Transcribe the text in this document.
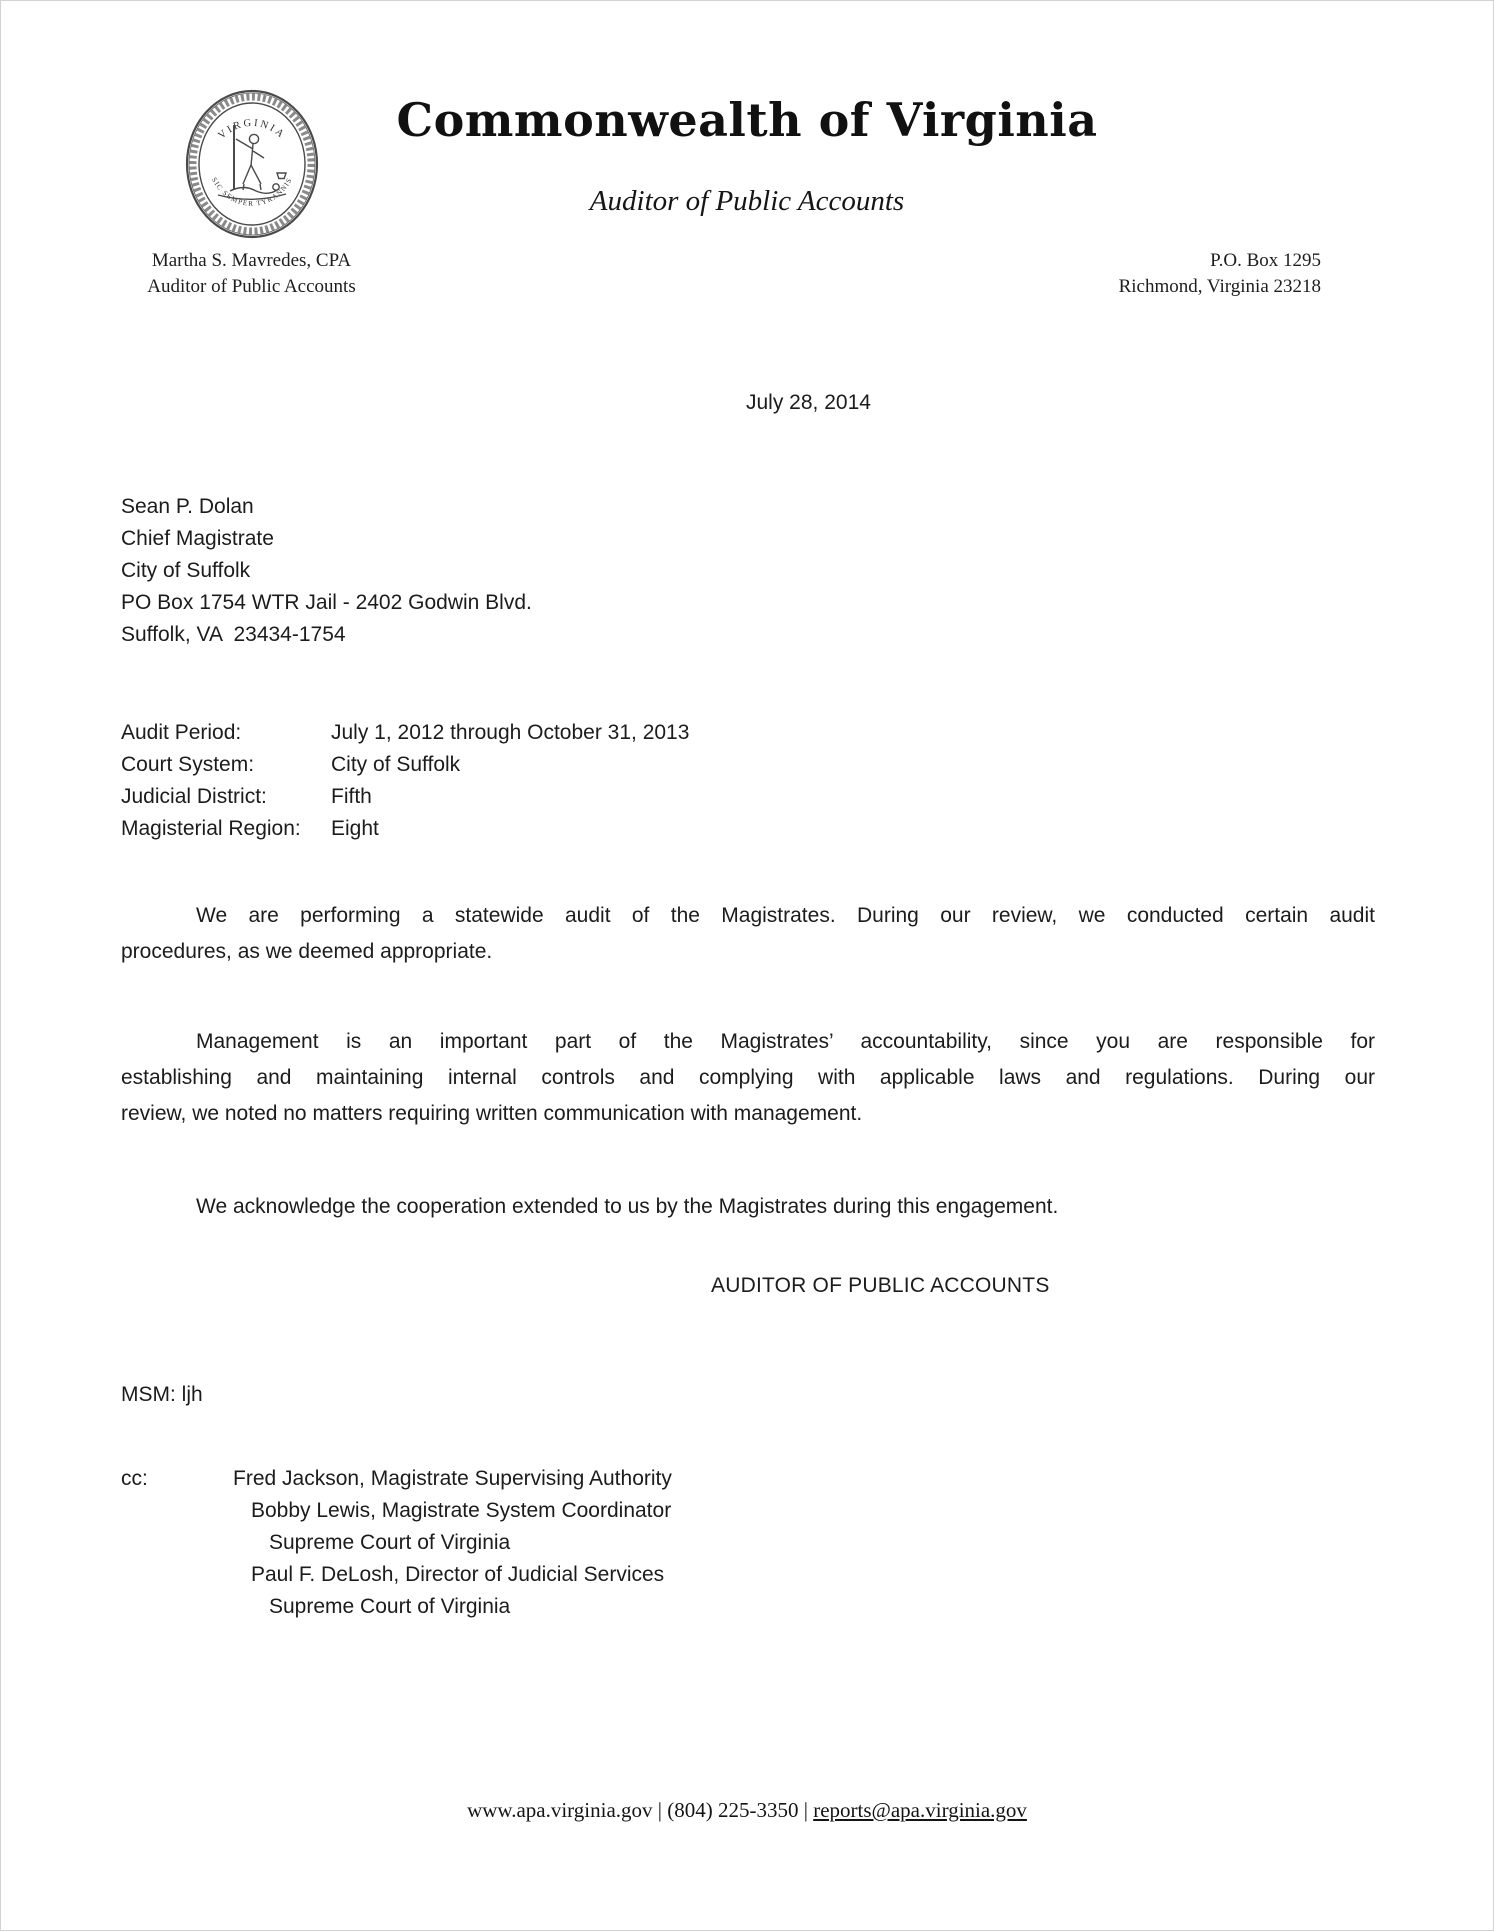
VIRGINIA
SIC SEMPER TYRANNIS
Commonwealth of Virginia
Auditor of Public Accounts
Martha S. Mavredes, CPA
Auditor of Public Accounts
P.O. Box 1295
Richmond, Virginia 23218
July 28, 2014
Sean P. Dolan
Chief Magistrate
City of Suffolk
PO Box 1754 WTR Jail - 2402 Godwin Blvd.
Suffolk, VA  23434-1754
Audit Period:	July 1, 2012 through October 31, 2013
Court System:	City of Suffolk
Judicial District:	Fifth
Magisterial Region:	Eight
We are performing a statewide audit of the Magistrates. During our review, we conducted certain audit
procedures, as we deemed appropriate.
Management is an important part of the Magistrates’ accountability, since you are responsible for
establishing and maintaining internal controls and complying with applicable laws and regulations. During our
review, we noted no matters requiring written communication with management.
We acknowledge the cooperation extended to us by the Magistrates during this engagement.
AUDITOR OF PUBLIC ACCOUNTS
MSM: ljh
cc:	Fred Jackson, Magistrate Supervising Authority
Bobby Lewis, Magistrate System Coordinator
Supreme Court of Virginia
Paul F. DeLosh, Director of Judicial Services
Supreme Court of Virginia
www.apa.virginia.gov | (804) 225-3350 | reports@apa.virginia.gov
